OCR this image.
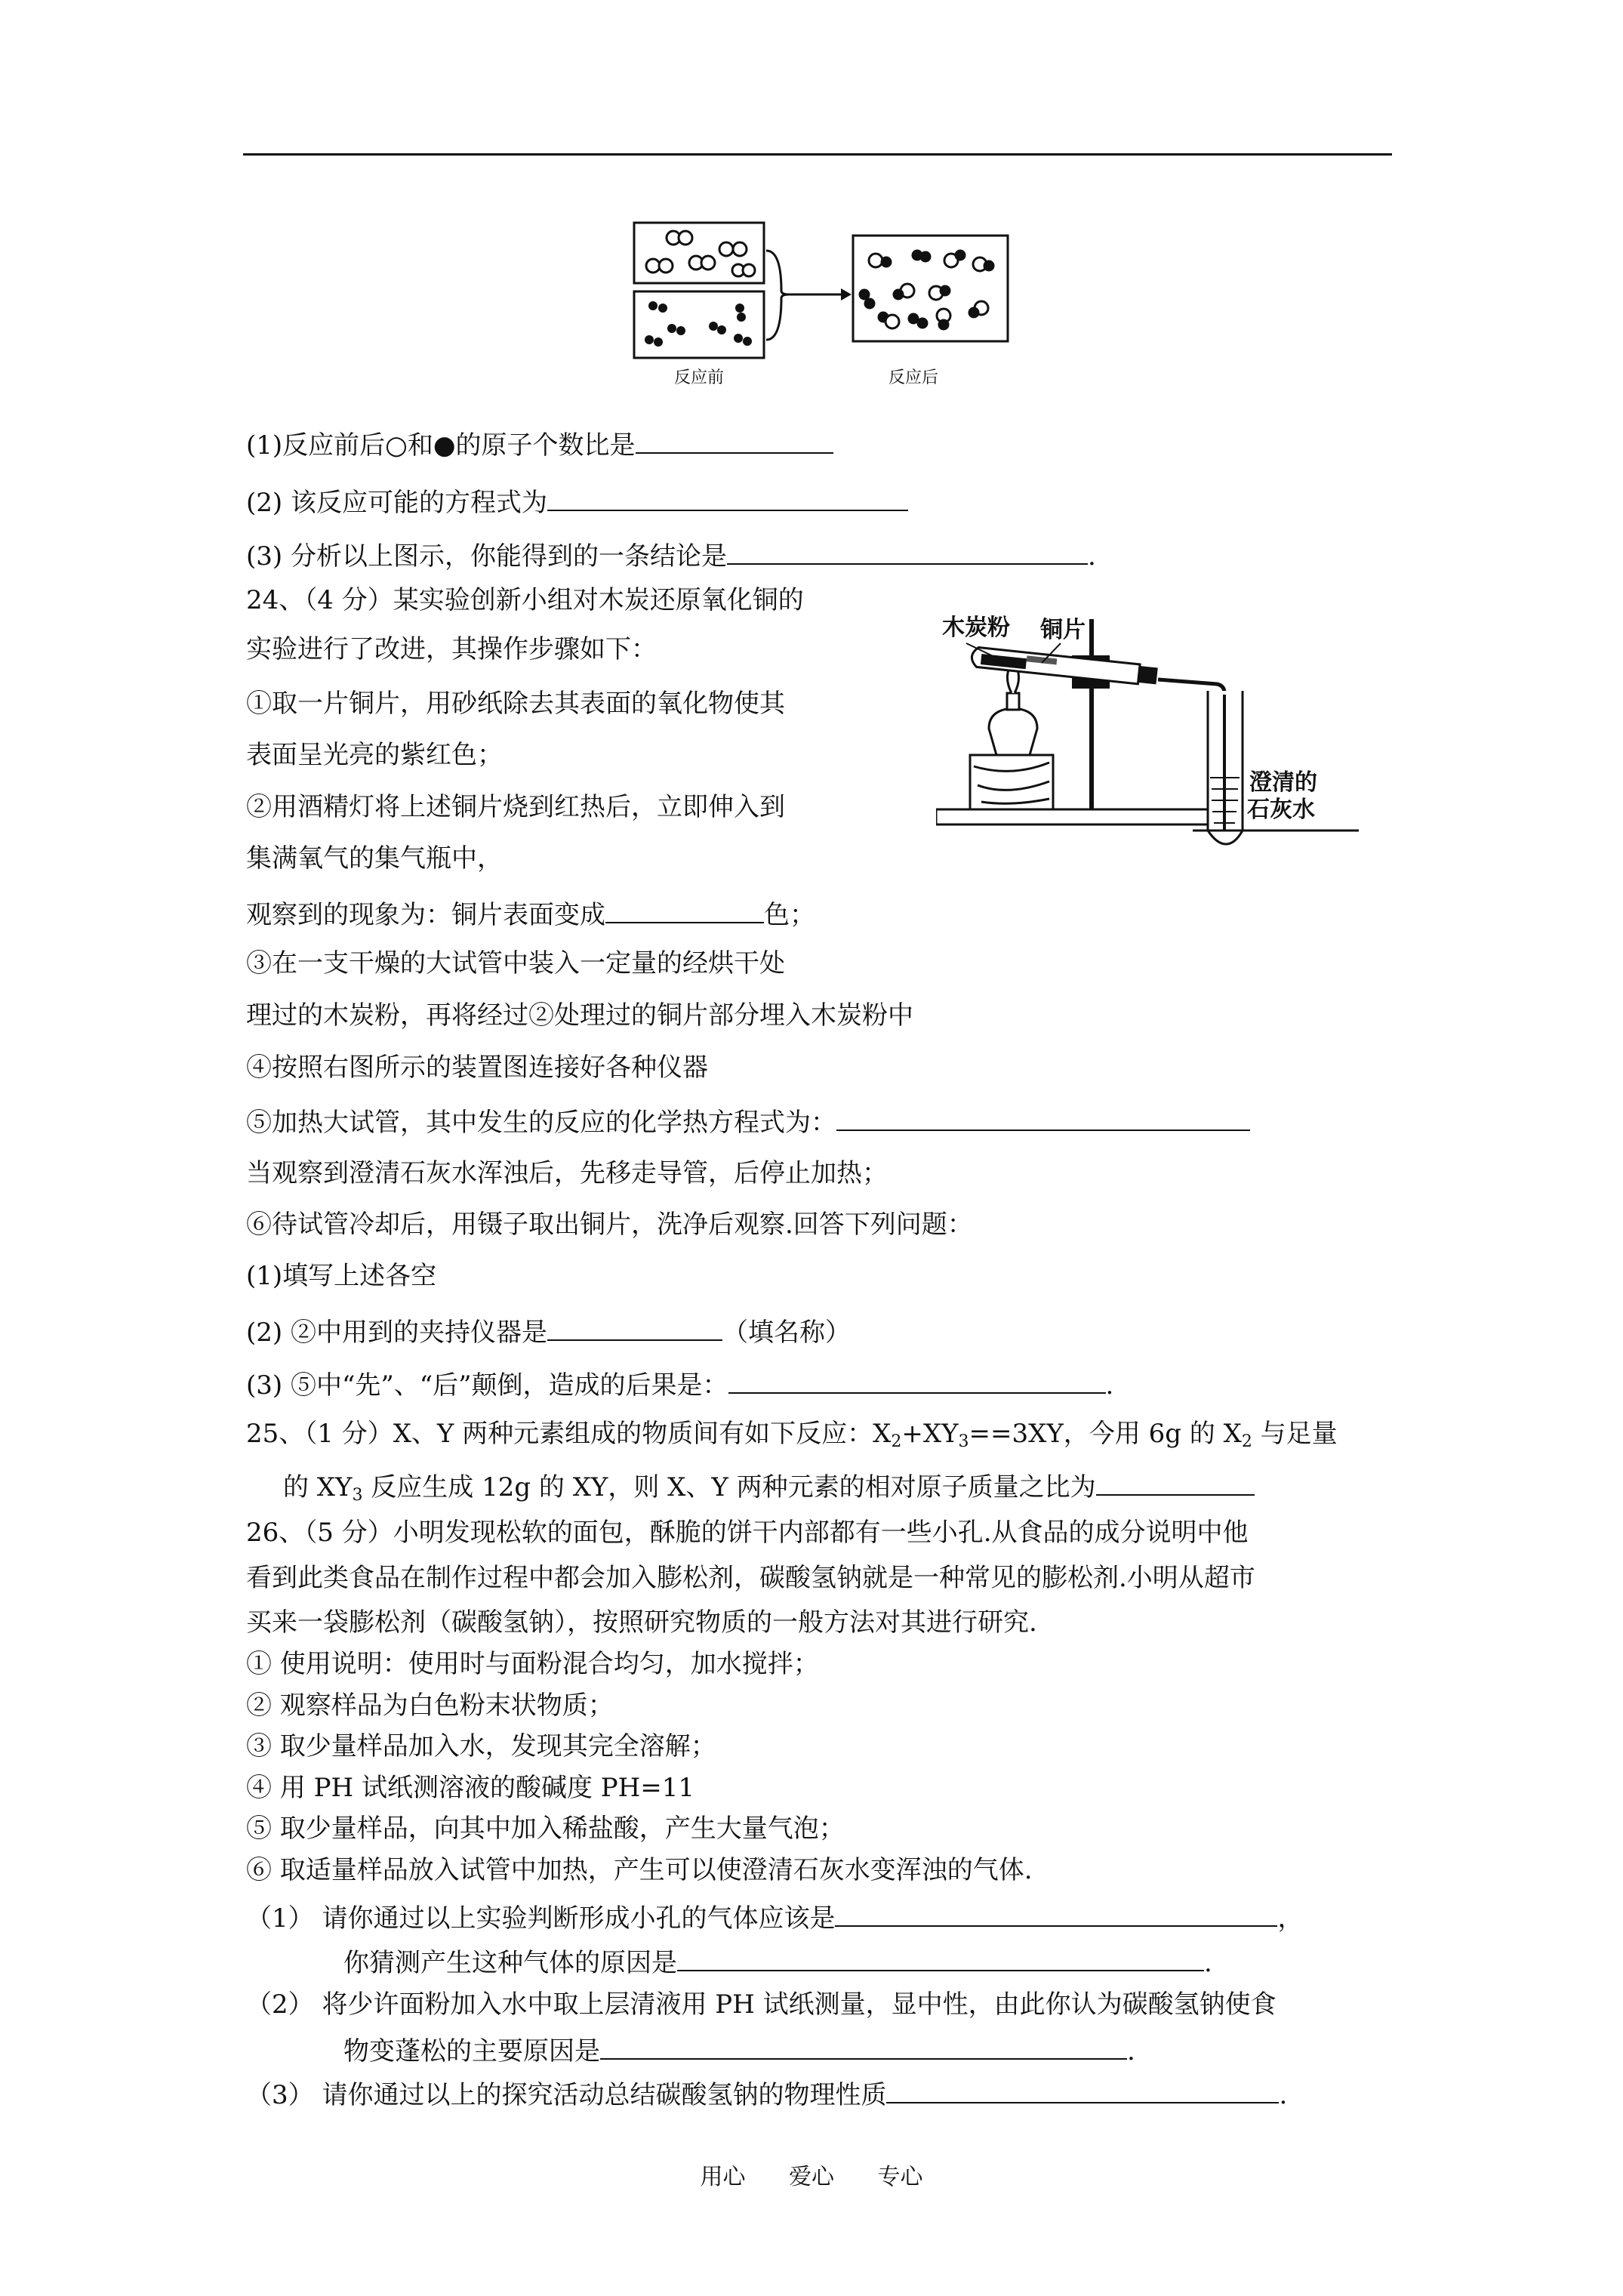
反应前	反应后
(1)反应前后○和●的原子个数比是
(2) 该反应可能的方程式为
(3) 分析以上图示，你能得到的一条结论是	.
24、（4 分）某实验创新小组对木炭还原氧化铜的
实验进行了改进，其操作步骤如下：
①取一片铜片，用砂纸除去其表面的氧化物使其
表面呈光亮的紫红色；
②用酒精灯将上述铜片烧到红热后，立即伸入到
集满氧气的集气瓶中，
观察到的现象为：铜片表面变成	色；
③在一支干燥的大试管中装入一定量的经烘干处
理过的木炭粉，再将经过②处理过的铜片部分埋入木炭粉中
④按照右图所示的装置图连接好各种仪器
⑤加热大试管，其中发生的反应的化学热方程式为：
当观察到澄清石灰水浑浊后，先移走导管，后停止加热；
⑥待试管冷却后，用镊子取出铜片，洗净后观察.回答下列问题：
(1)填写上述各空
(2) ②中用到的夹持仪器是	（填名称）
(3) ⑤中“先”、“后”颠倒，造成的后果是：	.
木炭粉 铜片
澄清的
石灰水
25、（1 分）X、Y 两种元素组成的物质间有如下反应：$X_2+XY_3==3XY$，今用 6g 的 $X_2$ 与足量
的 $XY_3$ 反应生成 12g 的 XY，则 X、Y 两种元素的相对原子质量之比为
26、（5 分）小明发现松软的面包，酥脆的饼干内部都有一些小孔.从食品的成分说明中他
看到此类食品在制作过程中都会加入膨松剂，碳酸氢钠就是一种常见的膨松剂.小明从超市
买来一袋膨松剂（碳酸氢钠），按照研究物质的一般方法对其进行研究.
① 使用说明：使用时与面粉混合均匀，加水搅拌；
② 观察样品为白色粉末状物质；
③ 取少量样品加入水，发现其完全溶解；
④ 用 PH 试纸测溶液的酸碱度 PH=11
⑤ 取少量样品，向其中加入稀盐酸，产生大量气泡；
⑥ 取适量样品放入试管中加热，产生可以使澄清石灰水变浑浊的气体.
（1） 请你通过以上实验判断形成小孔的气体应该是	，
你猜测产生这种气体的原因是	.
（2） 将少许面粉加入水中取上层清液用 PH 试纸测量，显中性，由此你认为碳酸氢钠使食
物变蓬松的主要原因是	.
（3） 请你通过以上的探究活动总结碳酸氢钠的物理性质	.
用心 爱心 专心
